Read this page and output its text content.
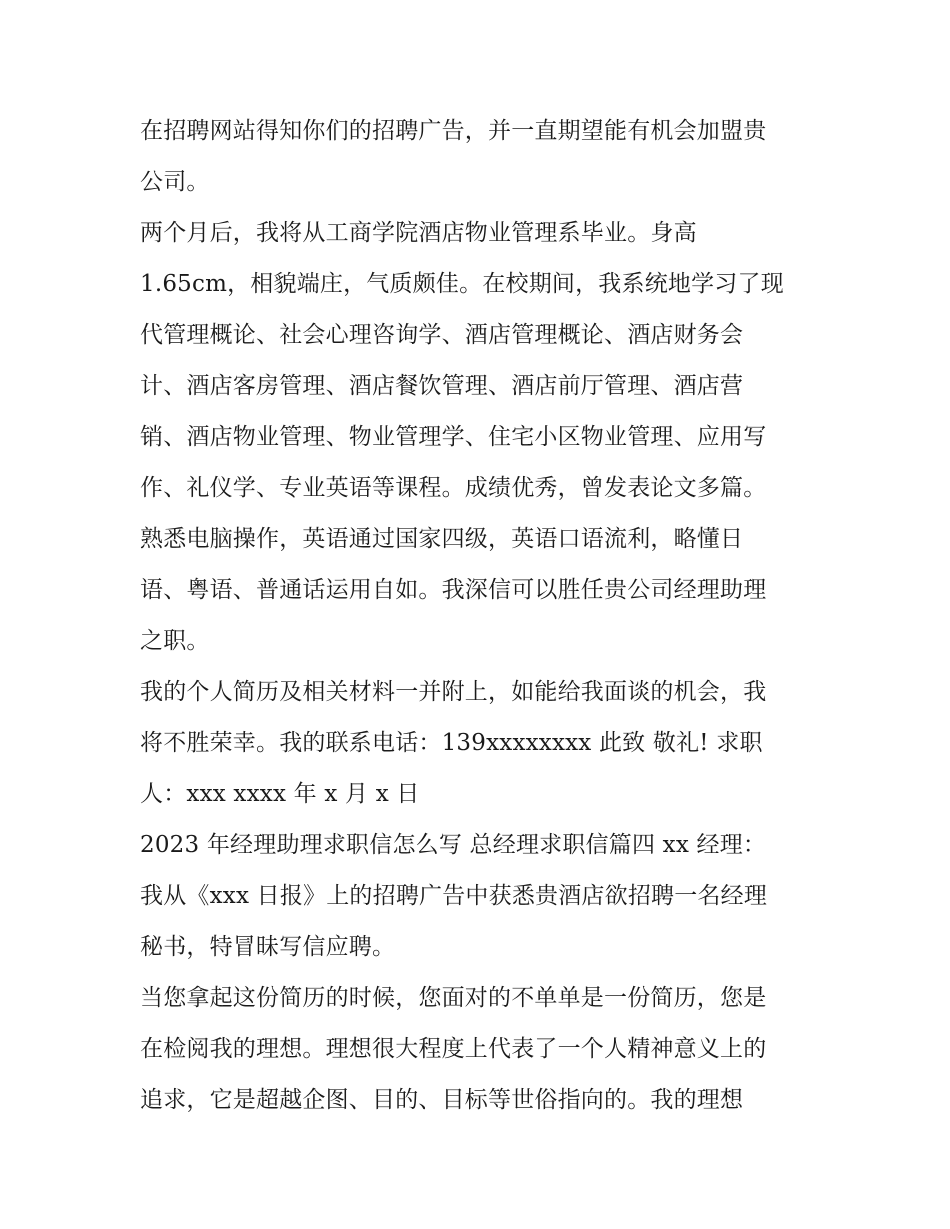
在招聘网站得知你们的招聘广告，并一直期望能有机会加盟贵
公司。
两个月后，我将从工商学院酒店物业管理系毕业。身高
1.65cm，相貌端庄，气质颇佳。在校期间，我系统地学习了现
代管理概论、社会心理咨询学、酒店管理概论、酒店财务会
计、酒店客房管理、酒店餐饮管理、酒店前厅管理、酒店营
销、酒店物业管理、物业管理学、住宅小区物业管理、应用写
作、礼仪学、专业英语等课程。成绩优秀，曾发表论文多篇。
熟悉电脑操作，英语通过国家四级，英语口语流利，略懂日
语、粤语、普通话运用自如。我深信可以胜任贵公司经理助理
之职。
我的个人简历及相关材料一并附上，如能给我面谈的机会，我
将不胜荣幸。我的联系电话：139xxxxxxxx 此致 敬礼! 求职
人：xxx xxxx 年 x 月 x 日
2023 年经理助理求职信怎么写 总经理求职信篇四 xx 经理：
我从《xxx 日报》上的招聘广告中获悉贵酒店欲招聘一名经理
秘书，特冒昧写信应聘。
当您拿起这份简历的时候，您面对的不单单是一份简历，您是
在检阅我的理想。理想很大程度上代表了一个人精神意义上的
追求，它是超越企图、目的、目标等世俗指向的。我的理想
